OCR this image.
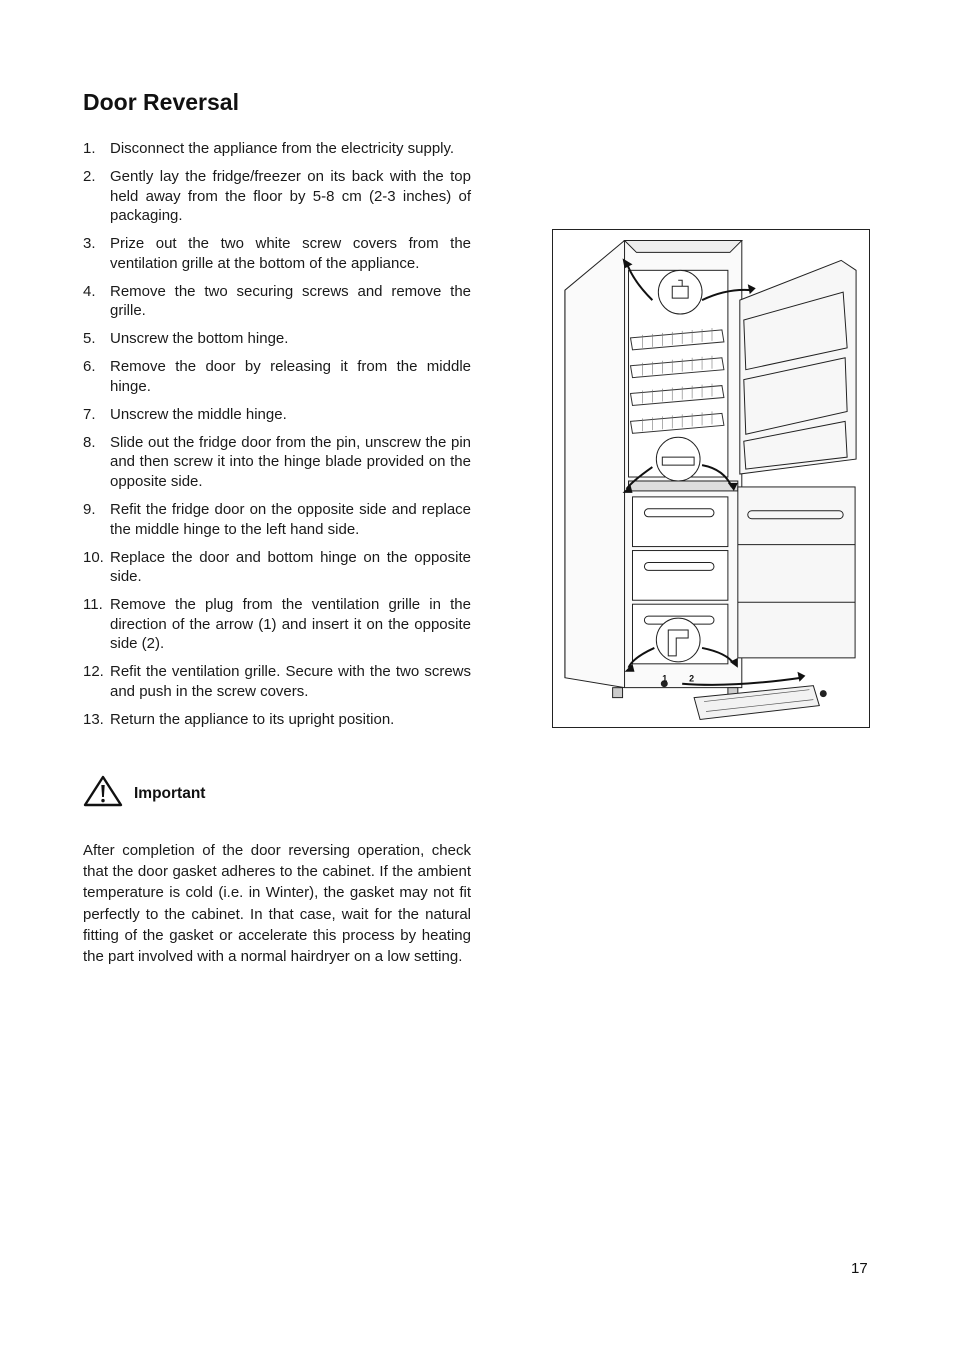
Door Reversal
1. Disconnect the appliance from the electricity supply.
2. Gently lay the fridge/freezer on its back with the top held away from the floor by 5-8 cm (2-3 inches) of packaging.
3. Prize out the two white screw covers from the ventilation grille at the bottom of the appliance.
4. Remove the two securing screws and remove the grille.
5. Unscrew the bottom hinge.
6. Remove the door by releasing it from the middle hinge.
7. Unscrew the middle hinge.
8. Slide out the fridge door from the pin, unscrew the pin and then screw it into the hinge blade provided on the opposite side.
9. Refit the fridge door on the opposite side and replace the middle hinge to the left hand side.
10. Replace the door and bottom hinge on the opposite side.
11. Remove the plug from the ventilation grille in the direction of the arrow (1) and insert it on the opposite side (2).
12. Refit the ventilation grille. Secure with the two screws and push in the screw covers.
13. Return the appliance to its upright position.
Important

After completion of the door reversing operation, check that the door gasket adheres to the cabinet. If the ambient temperature is cold (i.e. in Winter), the gasket may not fit perfectly to the cabinet. In that case, wait for the natural fitting of the gasket or accelerate this process by heating the part involved with a normal hairdryer on a low setting.

1 2
17
